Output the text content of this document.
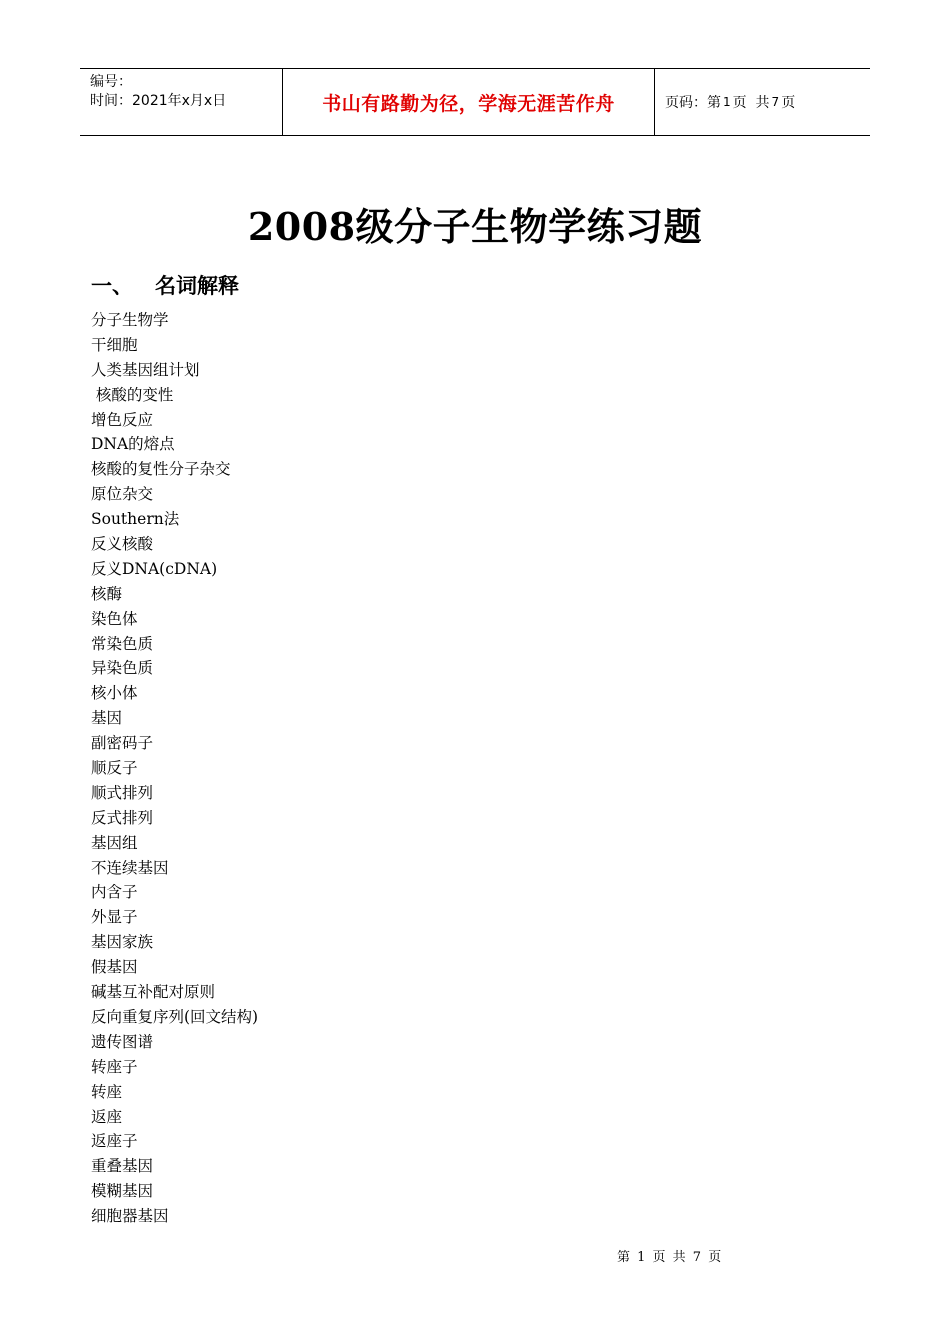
编号：
时间：2021年x月x日	书山有路勤为径，学海无涯苦作舟	页码：第 1 页  共 7 页
2008级分子生物学练习题
一、 名词解释
分子生物学
干细胞
人类基因组计划
核酸的变性
增色反应
DNA的熔点
核酸的复性分子杂交
原位杂交
Southern法
反义核酸
反义DNA(cDNA)
核酶
染色体
常染色质
异染色质
核小体
基因
副密码子
顺反子
顺式排列
反式排列
基因组
不连续基因
内含子
外显子
基因家族
假基因
碱基互补配对原则
反向重复序列(回文结构)
遗传图谱
转座子
转座
返座
返座子
重叠基因
模糊基因
细胞器基因
第 1 页 共 7 页
